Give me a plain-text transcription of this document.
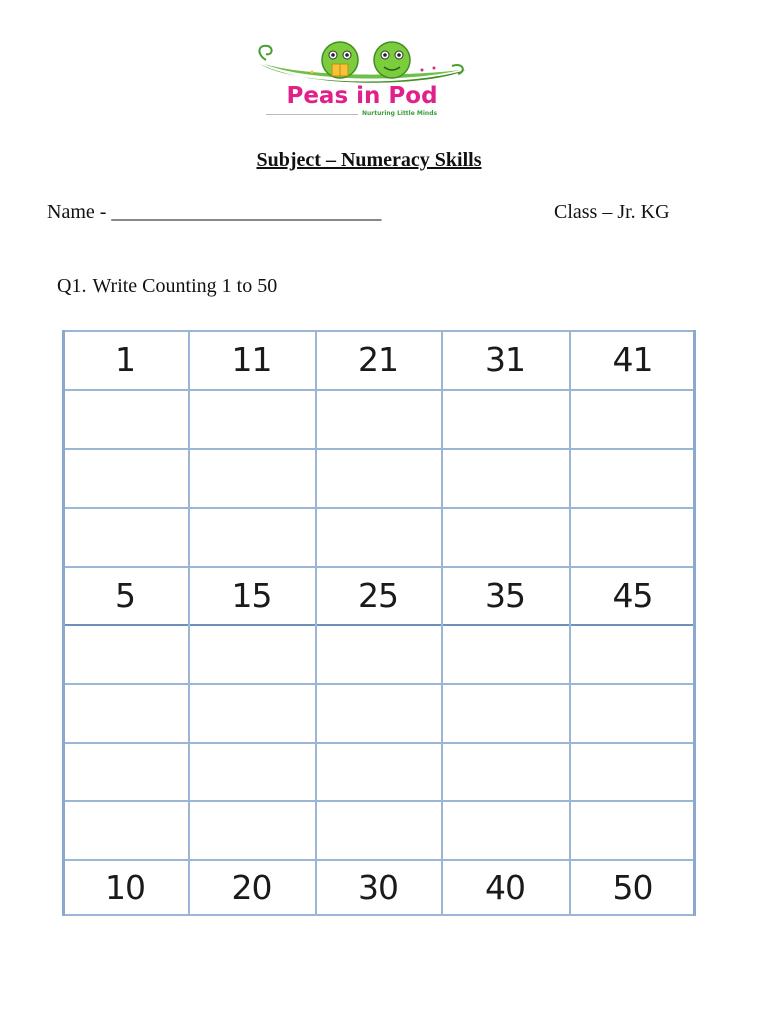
Peas in Pod
Nurturing Little Minds
Subject – Numeracy Skills
Name - ___________________________	Class – Jr. KG
Q1. Write Counting 1 to 50
1	11	21	31	41
5	15	25	35	45
10	20	30	40	50
